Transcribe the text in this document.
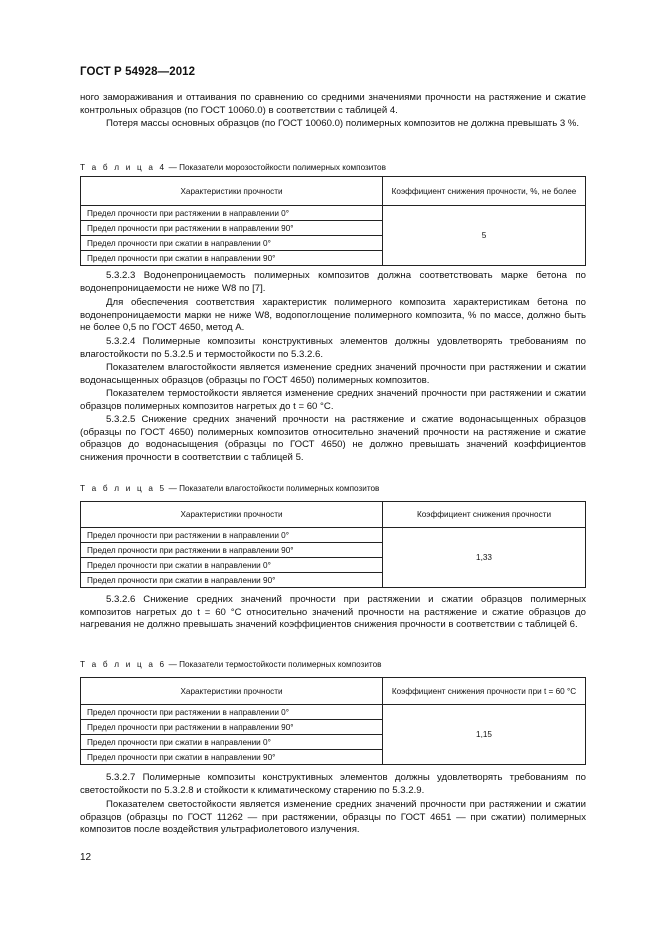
ГОСТ Р 54928—2012

ного замораживания и оттаивания по сравнению со средними значениями прочности на растяжение и сжатие контрольных образцов (по ГОСТ 10060.0) в соответствии с таблицей 4.

Потеря массы основных образцов (по ГОСТ 10060.0) полимерных композитов не должна превышать 3 %.

Т а б л и ц а 4 — Показатели морозостойкости полимерных композитов
Характеристики прочности	Коэффициент снижения прочности, %, не более
Предел прочности при растяжении в направлении 0°	5
Предел прочности при растяжении в направлении 90°	
Предел прочности при сжатии в направлении 0°	
Предел прочности при сжатии в направлении 90°	

5.3.2.3 Водонепроницаемость полимерных композитов должна соответствовать марке бетона по водонепроницаемости не ниже W8 по [7].

Для обеспечения соответствия характеристик полимерного композита характеристикам бетона по водонепроницаемости марки не ниже W8, водопоглощение полимерного композита, % по массе, должно быть не более 0,5 по ГОСТ 4650, метод А.

5.3.2.4 Полимерные композиты конструктивных элементов должны удовлетворять требованиям по влагостойкости по 5.3.2.5 и термостойкости по 5.3.2.6.

Показателем влагостойкости является изменение средних значений прочности при растяжении и сжатии водонасыщенных образцов (образцы по ГОСТ 4650) полимерных композитов.

Показателем термостойкости является изменение средних значений прочности при растяжении и сжатии образцов полимерных композитов нагретых до t = 60 °С.

5.3.2.5 Снижение средних значений прочности на растяжение и сжатие водонасыщенных образцов (образцы по ГОСТ 4650) полимерных композитов относительно значений прочности на растяжение и сжатие образцов до водонасыщения (образцы по ГОСТ 4650) не должно превышать значений коэффициентов снижения прочности в соответствии с таблицей 5.

Т а б л и ц а 5 — Показатели влагостойкости полимерных композитов
Характеристики прочности	Коэффициент снижения прочности
Предел прочности при растяжении в направлении 0°	1,33
Предел прочности при растяжении в направлении 90°	
Предел прочности при сжатии в направлении 0°	
Предел прочности при сжатии в направлении 90°	

5.3.2.6 Снижение средних значений прочности при растяжении и сжатии образцов полимерных композитов нагретых до t = 60 °С относительно значений прочности на растяжение и сжатие образцов до нагревания не должно превышать значений коэффициентов снижения прочности в соответствии с таблицей 6.

Т а б л и ц а 6 — Показатели термостойкости полимерных композитов
Характеристики прочности	Коэффициент снижения прочности при t = 60 °С
Предел прочности при растяжении в направлении 0°	1,15
Предел прочности при растяжении в направлении 90°	
Предел прочности при сжатии в направлении 0°	
Предел прочности при сжатии в направлении 90°	

5.3.2.7 Полимерные композиты конструктивных элементов должны удовлетворять требованиям по светостойкости по 5.3.2.8 и стойкости к климатическому старению по 5.3.2.9.

Показателем светостойкости является изменение средних значений прочности при растяжении и сжатии образцов (образцы по ГОСТ 11262 — при растяжении, образцы по ГОСТ 4651 — при сжатии) полимерных композитов после воздействия ультрафиолетового излучения.

12
